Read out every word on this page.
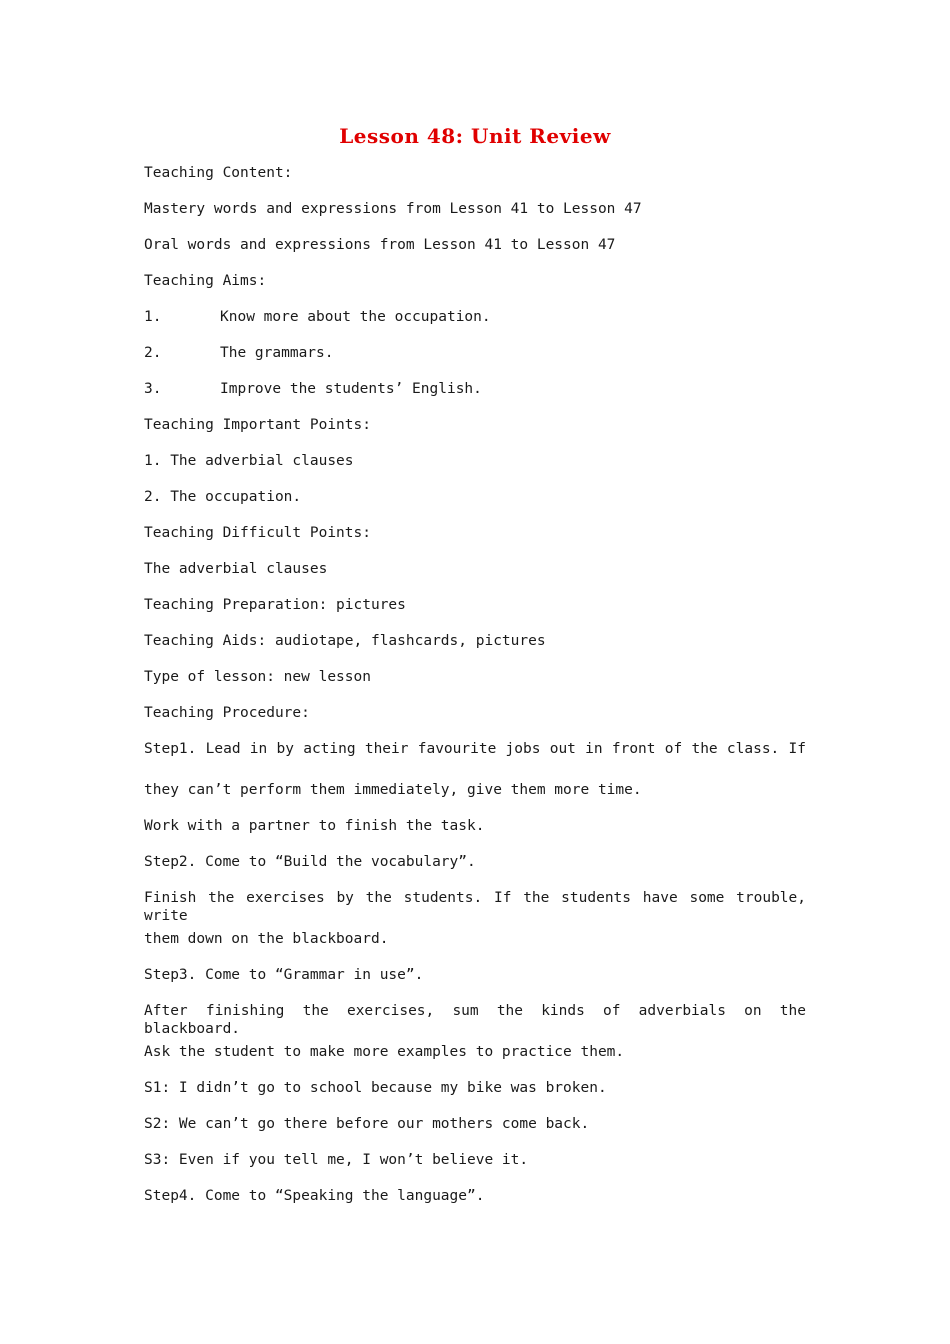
Lesson 48: Unit Review
Teaching Content:
Mastery words and expressions from Lesson 41 to Lesson 47
Oral words and expressions from Lesson 41 to Lesson 47
Teaching Aims:
1.	Know more about the occupation.
2.	The grammars.
3.	Improve the students’ English.
Teaching Important Points:
1. The adverbial clauses
2. The occupation.
Teaching Difficult Points:
The adverbial clauses
Teaching Preparation: pictures
Teaching Aids: audiotape, flashcards, pictures
Type of lesson: new lesson
Teaching Procedure:
Step1. Lead in by acting their favourite jobs out in front of the class. If
they can’t perform them immediately, give them more time.
Work with a partner to finish the task.
Step2. Come to “Build the vocabulary”.
Finish the exercises by the students. If the students have some trouble, write
them down on the blackboard.
Step3. Come to “Grammar in use”.
After finishing the exercises, sum the kinds of adverbials on the blackboard.
Ask the student to make more examples to practice them.
S1: I didn’t go to school because my bike was broken.
S2: We can’t go there before our mothers come back.
S3: Even if you tell me, I won’t believe it.
Step4. Come to “Speaking the language”.
